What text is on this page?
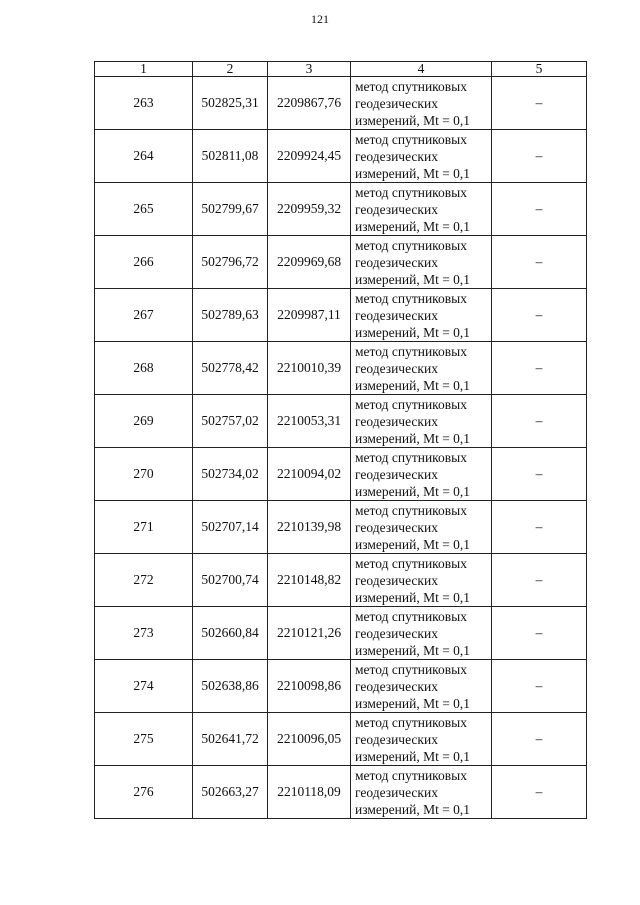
121
1	2	3	4	5
263	502825,31	2209867,76	метод спутниковых
геодезических
измерений, Mt = 0,1	–
264	502811,08	2209924,45	метод спутниковых
геодезических
измерений, Mt = 0,1	–
265	502799,67	2209959,32	метод спутниковых
геодезических
измерений, Mt = 0,1	–
266	502796,72	2209969,68	метод спутниковых
геодезических
измерений, Mt = 0,1	–
267	502789,63	2209987,11	метод спутниковых
геодезических
измерений, Mt = 0,1	–
268	502778,42	2210010,39	метод спутниковых
геодезических
измерений, Mt = 0,1	–
269	502757,02	2210053,31	метод спутниковых
геодезических
измерений, Mt = 0,1	–
270	502734,02	2210094,02	метод спутниковых
геодезических
измерений, Mt = 0,1	–
271	502707,14	2210139,98	метод спутниковых
геодезических
измерений, Mt = 0,1	–
272	502700,74	2210148,82	метод спутниковых
геодезических
измерений, Mt = 0,1	–
273	502660,84	2210121,26	метод спутниковых
геодезических
измерений, Mt = 0,1	–
274	502638,86	2210098,86	метод спутниковых
геодезических
измерений, Mt = 0,1	–
275	502641,72	2210096,05	метод спутниковых
геодезических
измерений, Mt = 0,1	–
276	502663,27	2210118,09	метод спутниковых
геодезических
измерений, Mt = 0,1	–
